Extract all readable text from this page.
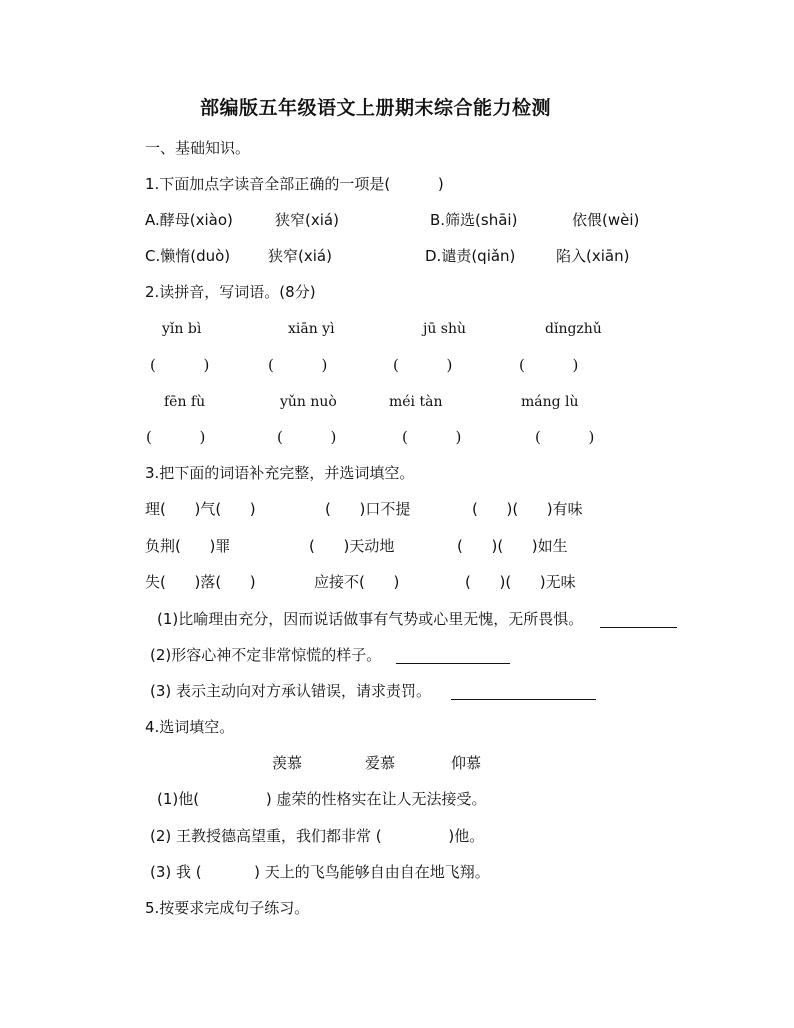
部编版五年级语文上册期末综合能力检测
一、基础知识。
1.下面加点字读音全部正确的一项是(          )
A.酵母(xiào)	狭窄(xiá)	B.筛选(shāi)	依偎(wèi)
C.懒惰(duò)	狭窄(xiá)	D.谴责(qiǎn)	陷入(xiān)
2.读拼音，写词语。(8分)
yǐn bì	xiān yì	jū shù	dǐngzhǔ
(          )	(          )	(          )	(          )
fēn fù	yǔn nuò	méi tàn	máng lù
(          )	(          )	(          )	(          )
3.把下面的词语补充完整，并选词填空。
理(      )气(      )	(      )口不提	(      )(      )有味
负荆(      )罪	(      )天动地	(      )(      )如生
失(      )落(      )	应接不(      )	(      )(      )无味
(1)比喻理由充分，因而说话做事有气势或心里无愧，无所畏惧。
(2)形容心神不定非常惊慌的样子。
(3) 表示主动向对方承认错误，请求责罚。
4.选词填空。
羡慕	爱慕	仰慕
(1)他(              ) 虚荣的性格实在让人无法接受。
(2) 王教授德高望重，我们都非常 (              )他。
(3) 我 (           ) 天上的飞鸟能够自由自在地飞翔。
5.按要求完成句子练习。
